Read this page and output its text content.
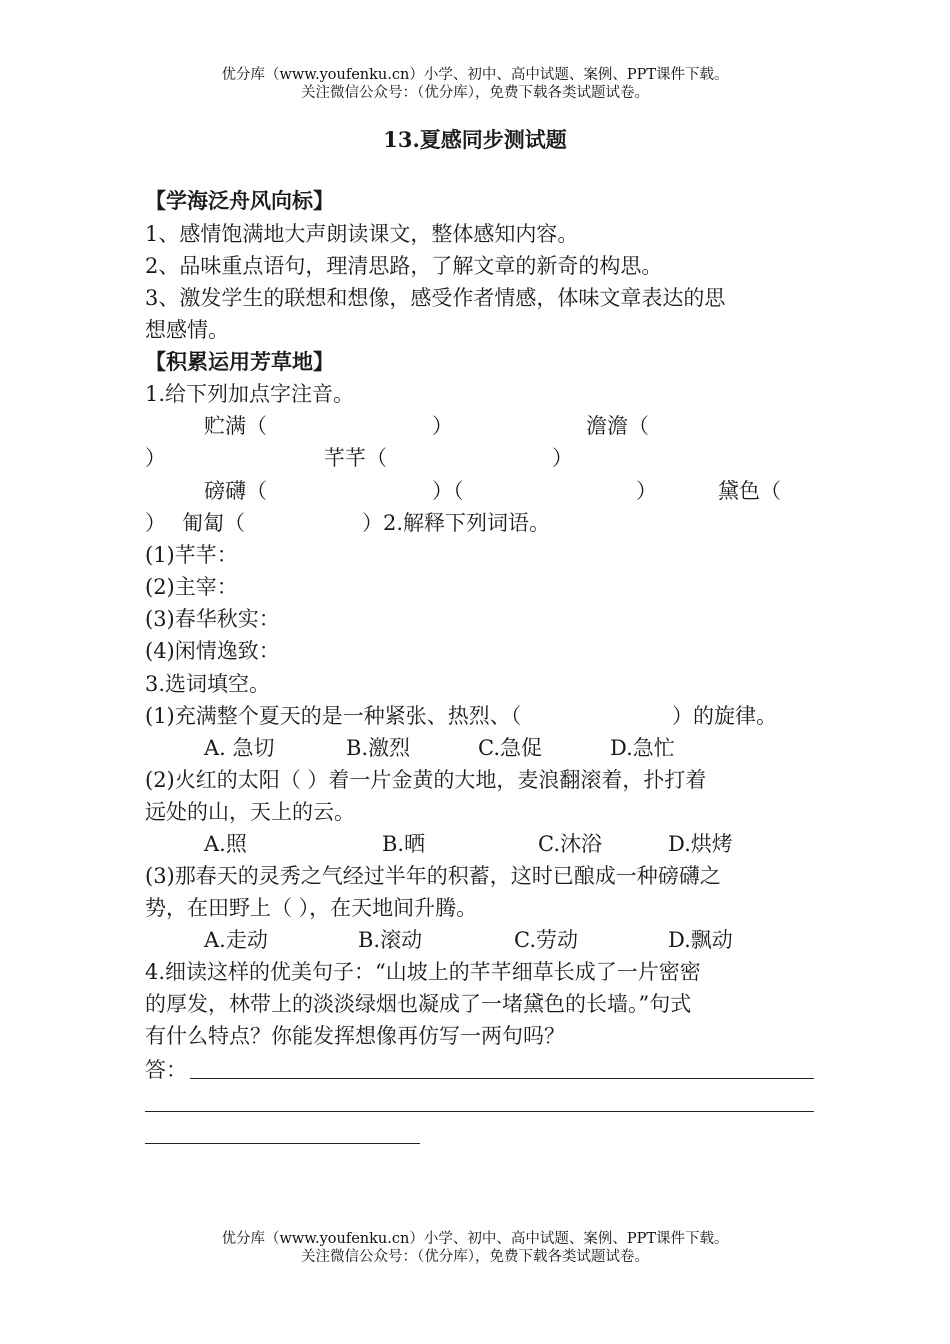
优分库（www.youfenku.cn）小学、初中、高中试题、案例、PPT课件下载。
关注微信公众号：（优分库），免费下载各类试题试卷。
13.夏感同步测试题
【学海泛舟风向标】
1、感情饱满地大声朗读课文，整体感知内容。
2、品味重点语句，理清思路，了解文章的新奇的构思。
3、激发学生的联想和想像，感受作者情感，体味文章表达的思
想感情。
【积累运用芳草地】
1.给下列加点字注音。
贮满（	）	澹澹（
）	芊芊（	）
磅礴（	）（	）	黛色（
） 匍匐（	）2.解释下列词语。
(1)芊芊：
(2)主宰：
(3)春华秋实：
(4)闲情逸致：
3.选词填空。
(1)充满整个夏天的是一种紧张、热烈、（	）的旋律。
A. 急切	B.激烈	C.急促	D.急忙
(2)火红的太阳（ ）着一片金黄的大地，麦浪翻滚着，扑打着
远处的山，天上的云。
A.照	B.晒	C.沐浴	D.烘烤
(3)那春天的灵秀之气经过半年的积蓄，这时已酿成一种磅礴之
势，在田野上（ ），在天地间升腾。
A.走动	B.滚动	C.劳动	D.飘动
4.细读这样的优美句子：“山坡上的芊芊细草长成了一片密密
的厚发，林带上的淡淡绿烟也凝成了一堵黛色的长墙。”句式
有什么特点？你能发挥想像再仿写一两句吗？
答：
优分库（www.youfenku.cn）小学、初中、高中试题、案例、PPT课件下载。
关注微信公众号：（优分库），免费下载各类试题试卷。
